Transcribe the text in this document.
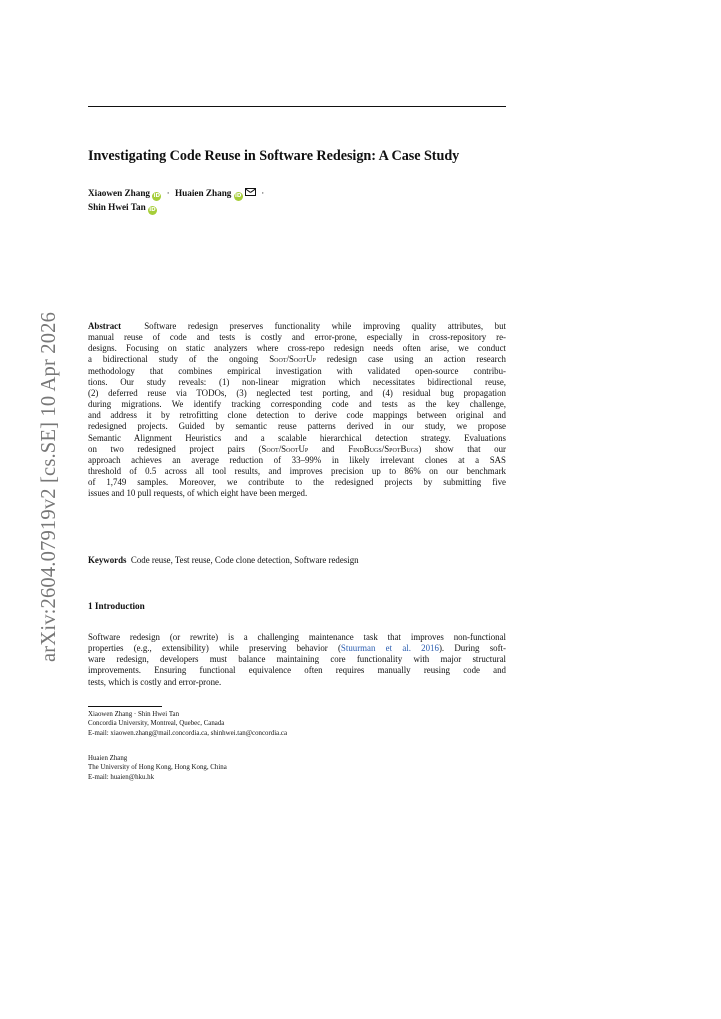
Investigating Code Reuse in Software Redesign: A Case Study
Xiaowen Zhang iD · Huaien Zhang iD ·
Shin Hwei Tan iD
arXiv:2604.07919v2 [cs.SE] 10 Apr 2026	Abstract  Software redesign preserves functionality while improving quality attributes, but
manual reuse of code and tests is costly and error-prone, especially in cross-repository re-
designs. Focusing on static analyzers where cross-repo redesign needs often arise, we conduct
a bidirectional study of the ongoing Soot/SootUp redesign case using an action research
methodology that combines empirical investigation with validated open-source contribu-
tions. Our study reveals: (1) non-linear migration which necessitates bidirectional reuse,
(2) deferred reuse via TODOs, (3) neglected test porting, and (4) residual bug propagation
during migrations. We identify tracking corresponding code and tests as the key challenge,
and address it by retrofitting clone detection to derive code mappings between original and
redesigned projects. Guided by semantic reuse patterns derived in our study, we propose
Semantic Alignment Heuristics and a scalable hierarchical detection strategy. Evaluations
on two redesigned project pairs (Soot/SootUp and FindBugs/SpotBugs) show that our
approach achieves an average reduction of 33–99% in likely irrelevant clones at a SAS
threshold of 0.5 across all tool results, and improves precision up to 86% on our benchmark
of 1,749 samples. Moreover, we contribute to the redesigned projects by submitting five
issues and 10 pull requests, of which eight have been merged.
Keywords Code reuse, Test reuse, Code clone detection, Software redesign
1 Introduction
Software redesign (or rewrite) is a challenging maintenance task that improves non-functional
properties (e.g., extensibility) while preserving behavior (Stuurman et al. 2016). During soft-
ware redesign, developers must balance maintaining core functionality with major structural
improvements. Ensuring functional equivalence often requires manually reusing code and
tests, which is costly and error-prone.
Xiaowen Zhang · Shin Hwei Tan
Concordia University, Montreal, Quebec, Canada
E-mail: xiaowen.zhang@mail.concordia.ca, shinhwei.tan@concordia.ca
Huaien Zhang
The University of Hong Kong, Hong Kong, China
E-mail: huaien@hku.hk
